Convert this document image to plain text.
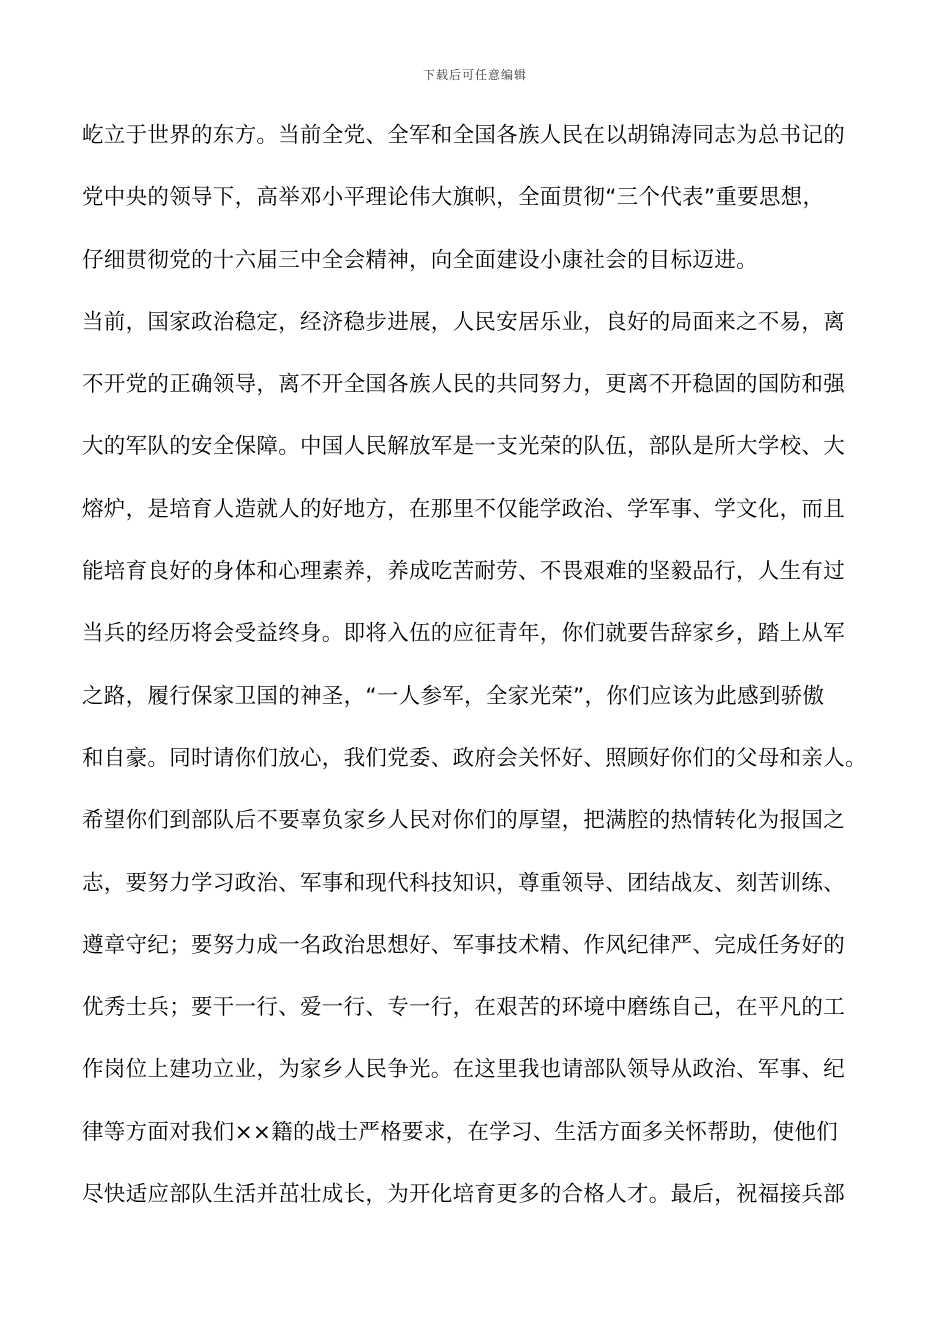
下载后可任意编辑
屹立于世界的东方。当前全党、全军和全国各族人民在以胡锦涛同志为总书记的
党中央的领导下，高举邓小平理论伟大旗帜，全面贯彻“三个代表”重要思想，
仔细贯彻党的十六届三中全会精神，向全面建设小康社会的目标迈进。
当前，国家政治稳定，经济稳步进展，人民安居乐业，良好的局面来之不易，离
不开党的正确领导，离不开全国各族人民的共同努力，更离不开稳固的国防和强
大的军队的安全保障。中国人民解放军是一支光荣的队伍，部队是所大学校、大
熔炉，是培育人造就人的好地方，在那里不仅能学政治、学军事、学文化，而且
能培育良好的身体和心理素养，养成吃苦耐劳、不畏艰难的坚毅品行，人生有过
当兵的经历将会受益终身。即将入伍的应征青年，你们就要告辞家乡，踏上从军
之路，履行保家卫国的神圣，“一人参军，全家光荣”，你们应该为此感到骄傲
和自豪。同时请你们放心，我们党委、政府会关怀好、照顾好你们的父母和亲人。
希望你们到部队后不要辜负家乡人民对你们的厚望，把满腔的热情转化为报国之
志，要努力学习政治、军事和现代科技知识，尊重领导、团结战友、刻苦训练、
遵章守纪；要努力成一名政治思想好、军事技术精、作风纪律严、完成任务好的
优秀士兵；要干一行、爱一行、专一行，在艰苦的环境中磨练自己，在平凡的工
作岗位上建功立业，为家乡人民争光。在这里我也请部队领导从政治、军事、纪
律等方面对我们××籍的战士严格要求，在学习、生活方面多关怀帮助，使他们
尽快适应部队生活并茁壮成长，为开化培育更多的合格人才。最后，祝福接兵部
